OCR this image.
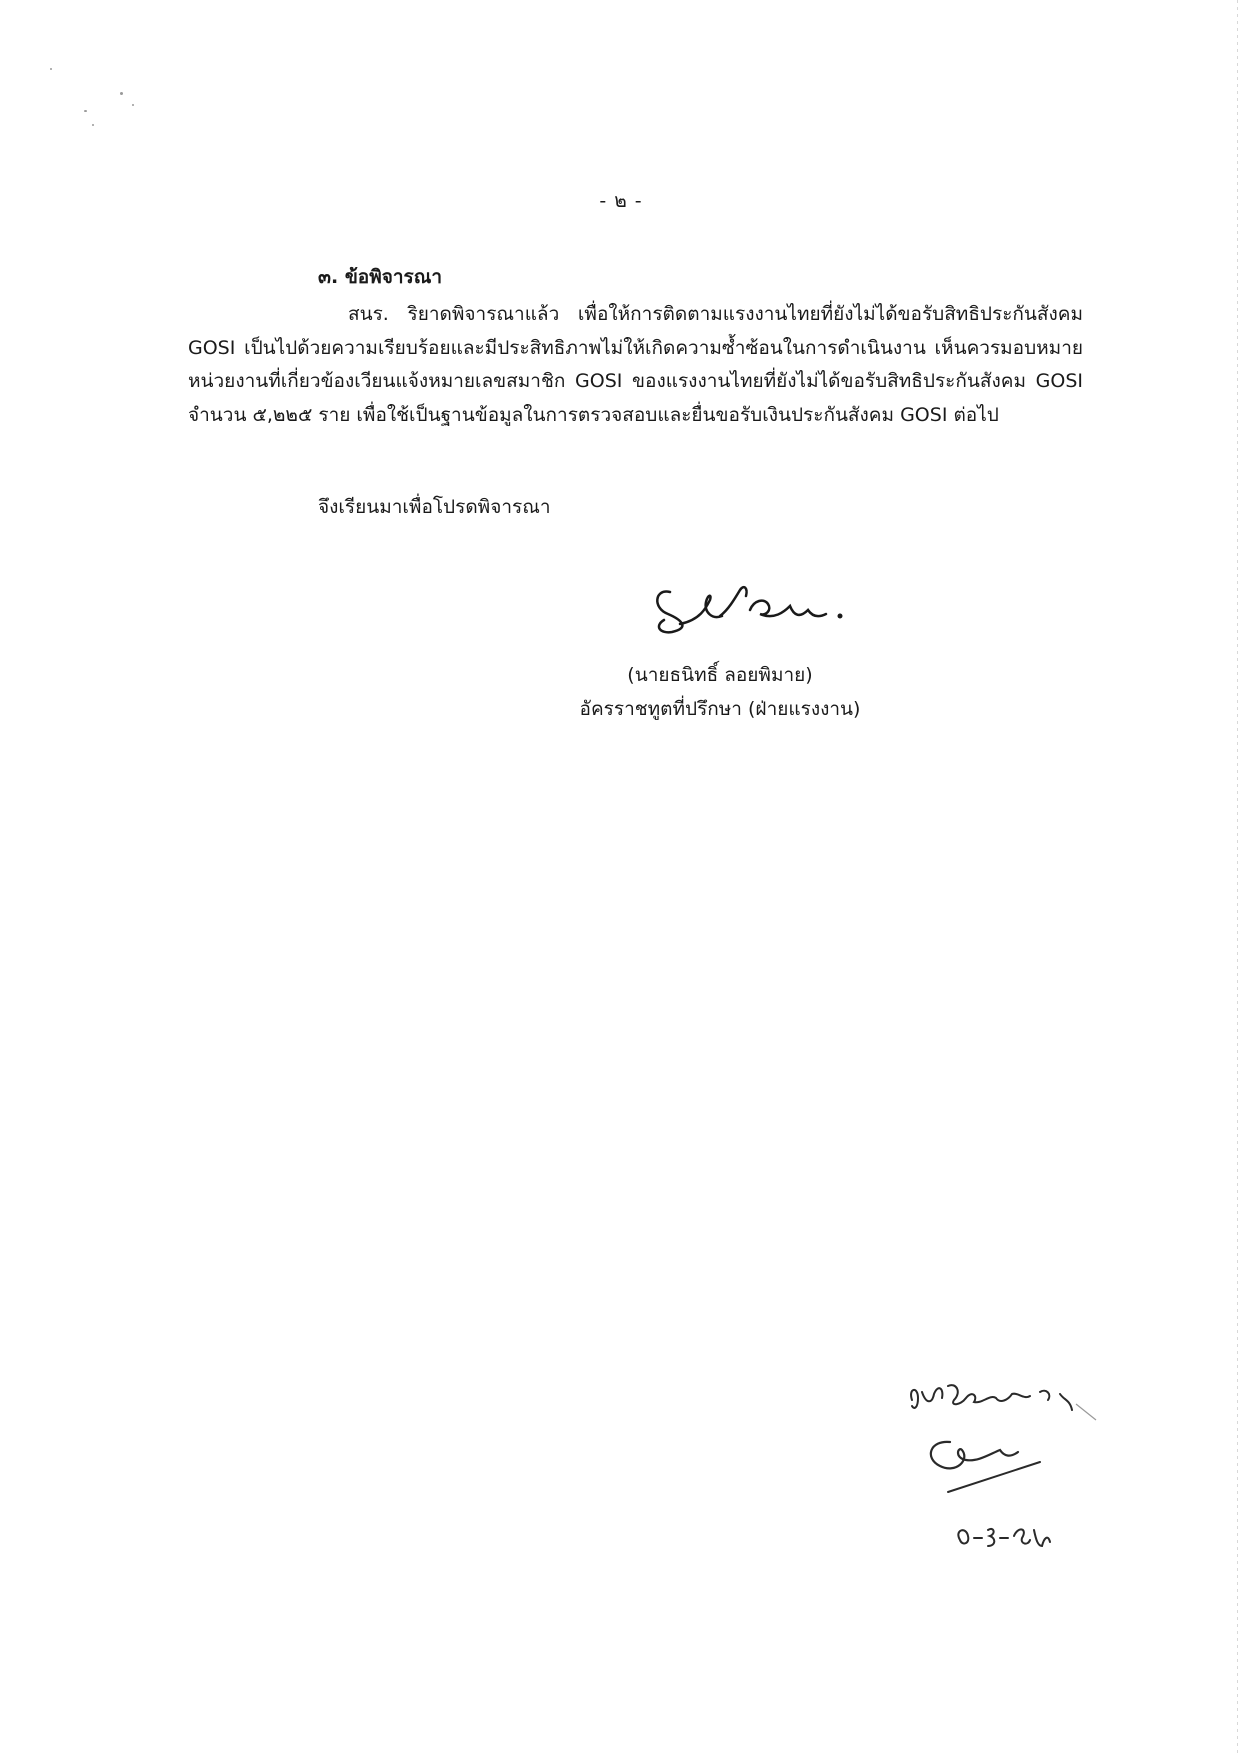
- ๒ -
๓. ข้อพิจารณา
สนร. ริยาดพิจารณาแล้ว เพื่อให้การติดตามแรงงานไทยที่ยังไม่ได้ขอรับสิทธิประกันสังคม GOSI เป็นไปด้วยความเรียบร้อยและมีประสิทธิภาพไม่ให้เกิดความซ้ำซ้อนในการดำเนินงาน เห็นควรมอบหมายหน่วยงานที่เกี่ยวข้องเวียนแจ้งหมายเลขสมาชิก GOSI ของแรงงานไทยที่ยังไม่ได้ขอรับสิทธิประกันสังคม GOSI จำนวน ๕,๒๒๕ ราย เพื่อใช้เป็นฐานข้อมูลในการตรวจสอบและยื่นขอรับเงินประกันสังคม GOSI ต่อไป
จึงเรียนมาเพื่อโปรดพิจารณา
(นายธนิทธิ์ ลอยพิมาย)
อัครราชทูตที่ปรึกษา (ฝ่ายแรงงาน)
